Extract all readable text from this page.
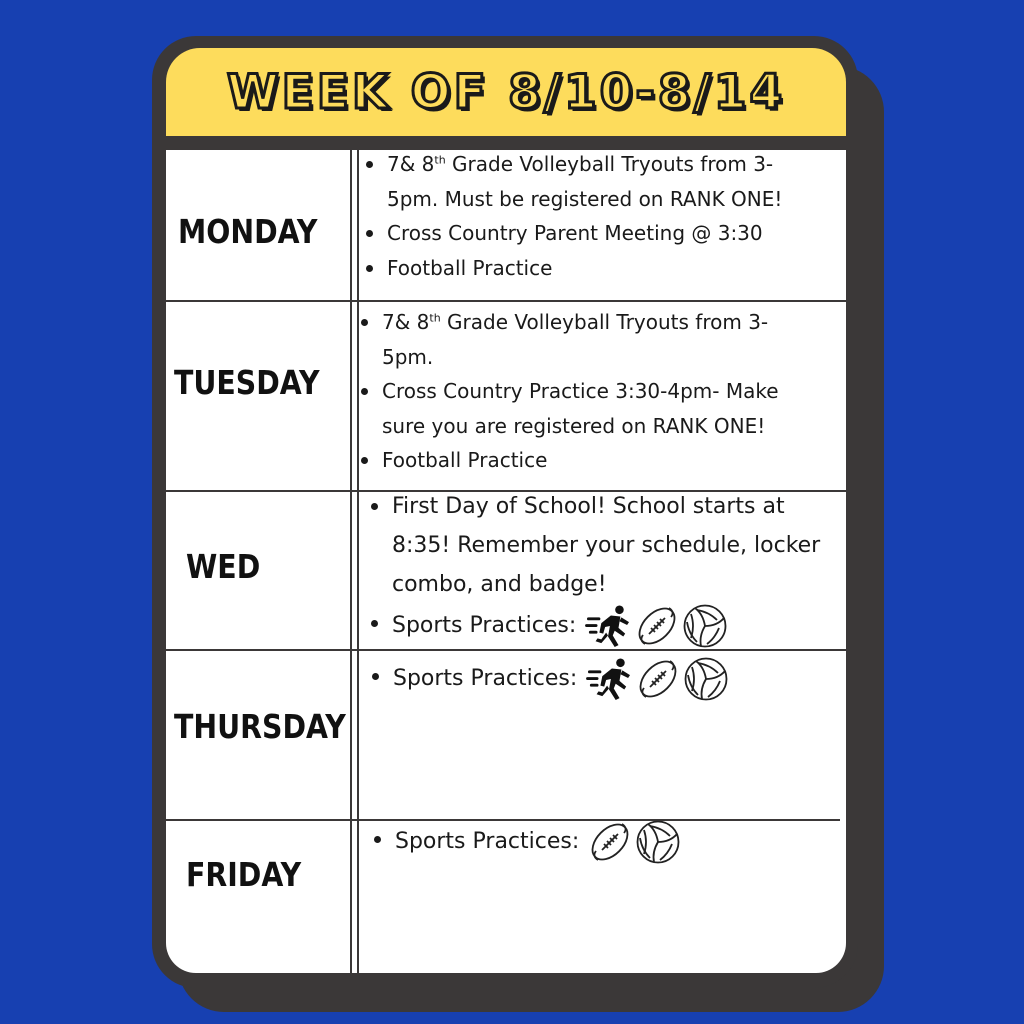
WEEK OF 8/10-8/14
MONDAY
7& 8th Grade Volleyball Tryouts from 3-
5pm. Must be registered on RANK ONE!
Cross Country Parent Meeting @ 3:30
Football Practice
TUESDAY
7& 8th Grade Volleyball Tryouts from 3-
5pm.
Cross Country Practice 3:30-4pm- Make
sure you are registered on RANK ONE!
Football Practice
WED
First Day of School! School starts at
8:35! Remember your schedule, locker
combo, and badge!
Sports Practices:
THURSDAY
Sports Practices:
FRIDAY
Sports Practices:
